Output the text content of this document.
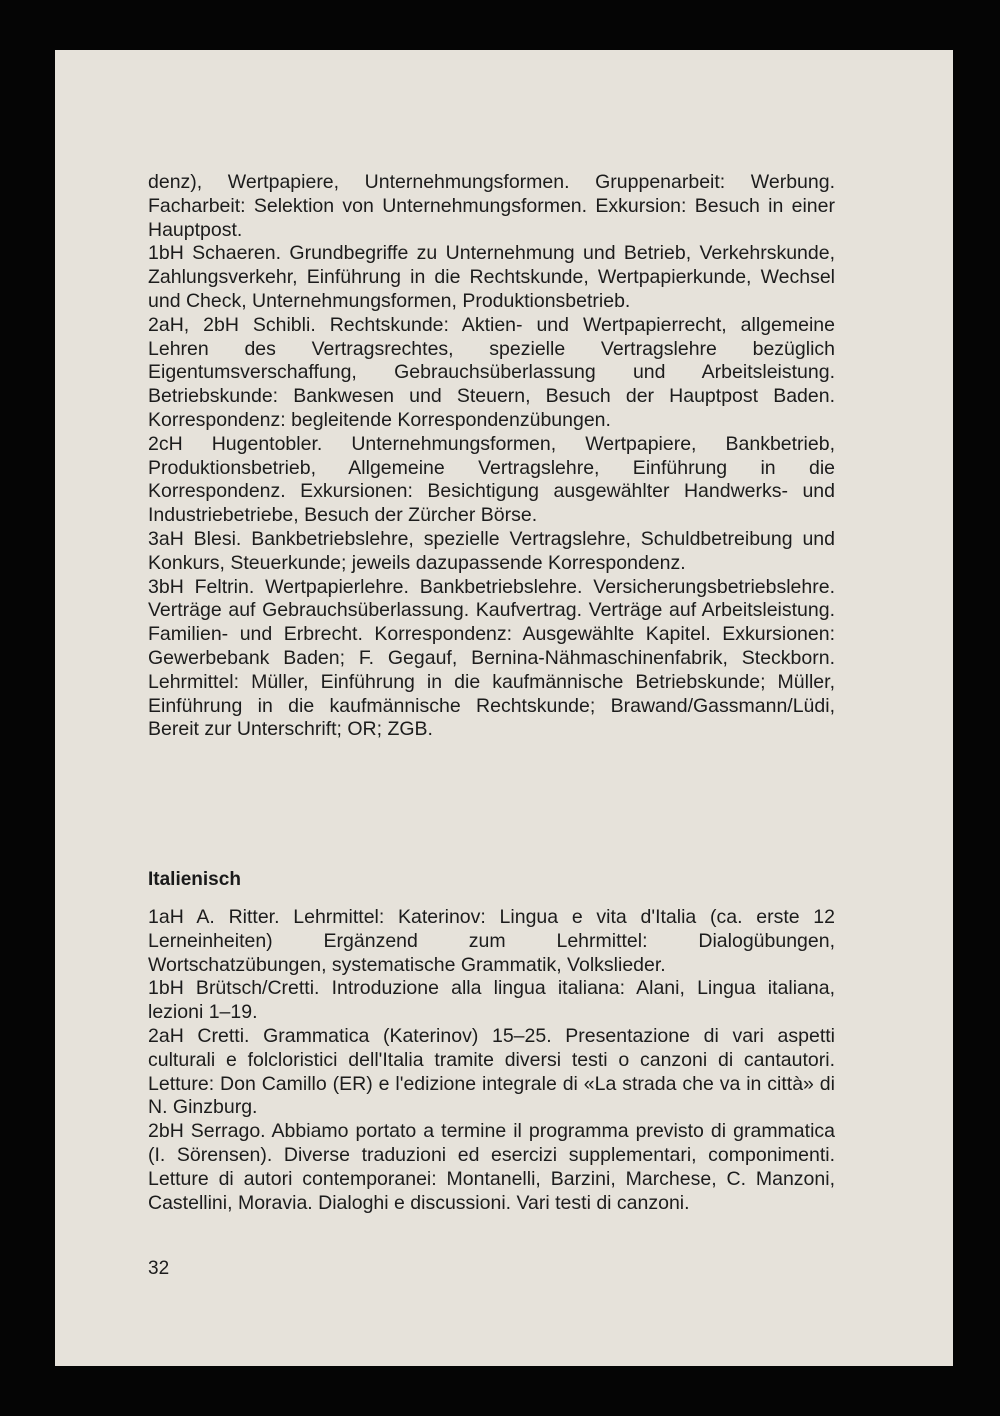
denz), Wertpapiere, Unternehmungsformen. Gruppenarbeit: Werbung. Facharbeit: Selektion von Unternehmungsformen. Exkursion: Besuch in einer Hauptpost.

1bH Schaeren. Grundbegriffe zu Unternehmung und Betrieb, Verkehrskunde, Zahlungsverkehr, Einführung in die Rechtskunde, Wertpapierkunde, Wechsel und Check, Unternehmungsformen, Produktionsbetrieb.

2aH, 2bH Schibli. Rechtskunde: Aktien- und Wertpapierrecht, allgemeine Lehren des Vertragsrechtes, spezielle Vertragslehre bezüglich Eigentumsverschaffung, Gebrauchsüberlassung und Arbeitsleistung. Betriebskunde: Bankwesen und Steuern, Besuch der Hauptpost Baden. Korrespondenz: begleitende Korrespondenzübungen.

2cH Hugentobler. Unternehmungsformen, Wertpapiere, Bankbetrieb, Produktionsbetrieb, Allgemeine Vertragslehre, Einführung in die Korrespondenz. Exkursionen: Besichtigung ausgewählter Handwerks- und Industriebetriebe, Besuch der Zürcher Börse.

3aH Blesi. Bankbetriebslehre, spezielle Vertragslehre, Schuldbetreibung und Konkurs, Steuerkunde; jeweils dazupassende Korrespondenz.

3bH Feltrin. Wertpapierlehre. Bankbetriebslehre. Versicherungsbetriebslehre. Verträge auf Gebrauchsüberlassung. Kaufvertrag. Verträge auf Arbeitsleistung. Familien- und Erbrecht. Korrespondenz: Ausgewählte Kapitel. Exkursionen: Gewerbebank Baden; F. Gegauf, Bernina-Nähmaschinenfabrik, Steckborn. Lehrmittel: Müller, Einführung in die kaufmännische Betriebskunde; Müller, Einführung in die kaufmännische Rechtskunde; Brawand/Gassmann/Lüdi, Bereit zur Unterschrift; OR; ZGB.

Italienisch

1aH A. Ritter. Lehrmittel: Katerinov: Lingua e vita d'Italia (ca. erste 12 Lerneinheiten) Ergänzend zum Lehrmittel: Dialogübungen, Wortschatzübungen, systematische Grammatik, Volkslieder.

1bH Brütsch/Cretti. Introduzione alla lingua italiana: Alani, Lingua italiana, lezioni 1–19.

2aH Cretti. Grammatica (Katerinov) 15–25. Presentazione di vari aspetti culturali e folcloristici dell'Italia tramite diversi testi o canzoni di cantautori. Letture: Don Camillo (ER) e l'edizione integrale di «La strada che va in città» di N. Ginzburg.

2bH Serrago. Abbiamo portato a termine il programma previsto di grammatica (I. Sörensen). Diverse traduzioni ed esercizi supplementari, componimenti. Letture di autori contemporanei: Montanelli, Barzini, Marchese, C. Manzoni, Castellini, Moravia. Dialoghi e discussioni. Vari testi di canzoni.

32
